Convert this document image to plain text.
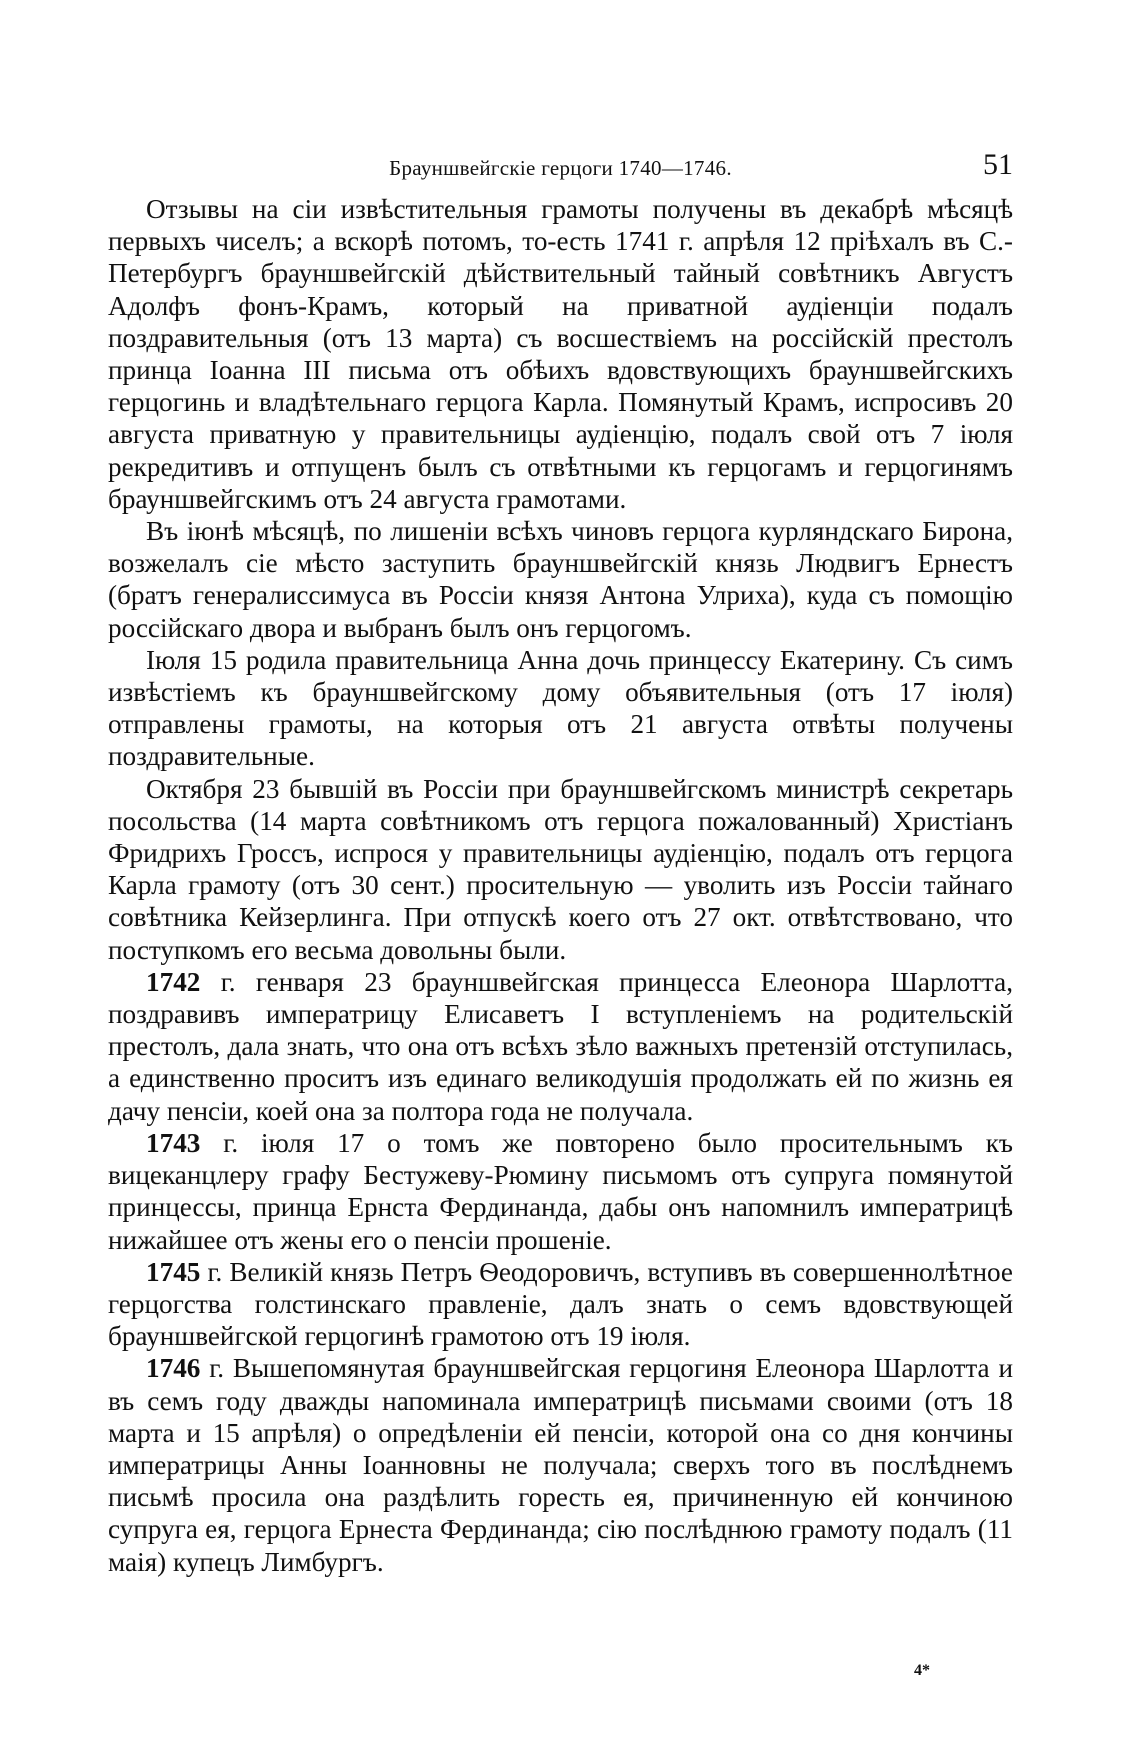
Брауншвейгскіе герцоги 1740—1746.	51

Отзывы на сіи извѣстительныя грамоты получены въ декабрѣ мѣсяцѣ первыхъ чиселъ; а вскорѣ потомъ, то-есть 1741 г. апрѣля 12 пріѣхалъ въ С.-Петербургъ брауншвейгскій дѣйствительный тайный совѣтникъ Августъ Адолфъ фонъ-Крамъ, который на приватной аудіенціи подалъ поздравительныя (отъ 13 марта) съ восшествіемъ на россійскій престолъ принца Іоанна III письма отъ обѣихъ вдовствующихъ брауншвейгскихъ герцогинь и владѣтельнаго герцога Карла. Помянутый Крамъ, испросивъ 20 августа приватную у правительницы аудіенцію, подалъ свой отъ 7 іюля рекредитивъ и отпущенъ былъ съ отвѣтными къ герцогамъ и герцогинямъ брауншвейгскимъ отъ 24 августа грамотами.

Въ іюнѣ мѣсяцѣ, по лишеніи всѣхъ чиновъ герцога курляндскаго Бирона, возжелалъ сіе мѣсто заступить брауншвейгскій князь Людвигъ Ернестъ (братъ генералиссимуса въ Россіи князя Антона Улриха), куда съ помощію россійскаго двора и выбранъ былъ онъ герцогомъ.

Іюля 15 родила правительница Анна дочь принцессу Екатерину. Съ симъ извѣстіемъ къ брауншвейгскому дому объявительныя (отъ 17 іюля) отправлены грамоты, на которыя отъ 21 августа отвѣты получены поздравительные.

Октября 23 бывшій въ Россіи при брауншвейгскомъ министрѣ секретарь посольства (14 марта совѣтникомъ отъ герцога пожалованный) Христіанъ Фридрихъ Гроссъ, испрося у правительницы аудіенцію, подалъ отъ герцога Карла грамоту (отъ 30 сент.) просительную — уволить изъ Россіи тайнаго совѣтника Кейзерлинга. При отпускѣ коего отъ 27 окт. отвѣтствовано, что поступкомъ его весьма довольны были.

1742 г. генваря 23 брауншвейгская принцесса Елеонора Шарлотта, поздравивъ императрицу Елисаветъ I вступленіемъ на родительскій престолъ, дала знать, что она отъ всѣхъ зѣло важныхъ претензій отступилась, а единственно проситъ изъ единаго великодушія продолжать ей по жизнь ея дачу пенсіи, коей она за полтора года не получала.

1743 г. іюля 17 о томъ же повторено было просительнымъ къ вицеканцлеру графу Бестужеву-Рюмину письмомъ отъ супруга помянутой принцессы, принца Ернста Фердинанда, дабы онъ напомнилъ императрицѣ нижайшее отъ жены его о пенсіи прошеніе.

1745 г. Великій князь Петръ Ѳеодоровичъ, вступивъ въ совершеннолѣтное герцогства голстинскаго правленіе, далъ знать о семъ вдовствующей брауншвейгской герцогинѣ грамотою отъ 19 іюля.

1746 г. Вышепомянутая брауншвейгская герцогиня Елеонора Шарлотта и въ семъ году дважды напоминала императрицѣ письмами своими (отъ 18 марта и 15 апрѣля) о опредѣленіи ей пенсіи, которой она со дня кончины императрицы Анны Іоанновны не получала; сверхъ того въ послѣднемъ письмѣ просила она раздѣлить горесть ея, причиненную ей кончиною супруга ея, герцога Ернеста Фердинанда; сію послѣднюю грамоту подалъ (11 маія) купецъ Лимбургъ.

4*
